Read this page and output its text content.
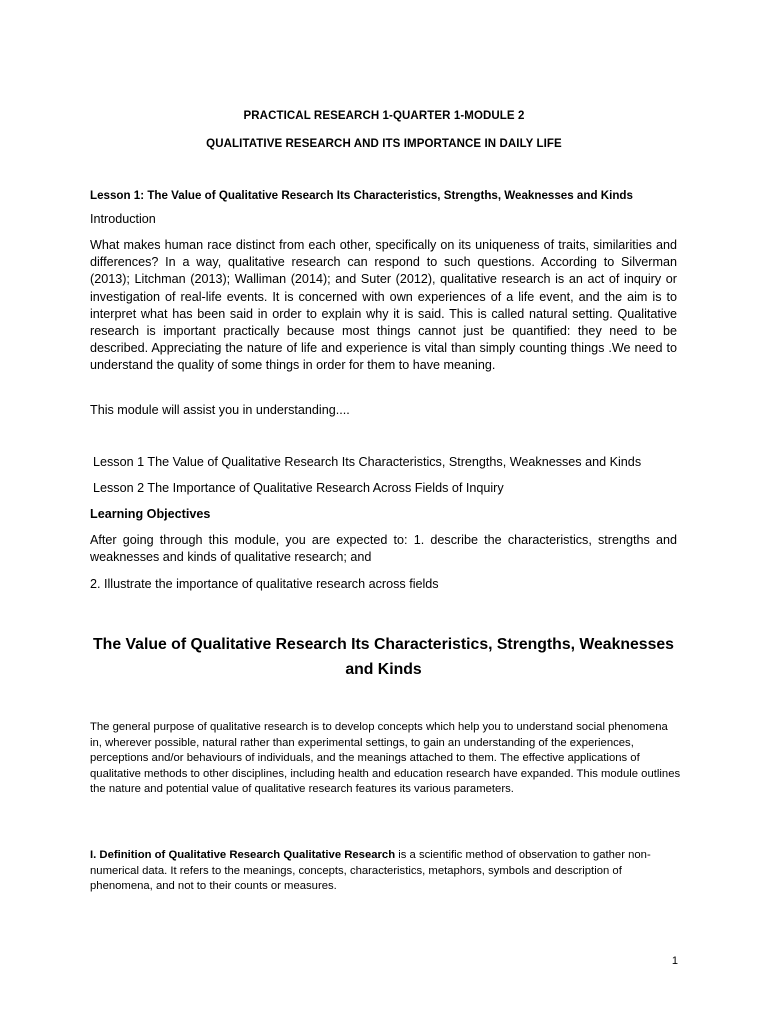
PRACTICAL RESEARCH 1-QUARTER 1-MODULE 2
QUALITATIVE RESEARCH AND ITS IMPORTANCE IN DAILY LIFE
Lesson 1: The Value of Qualitative Research Its Characteristics, Strengths, Weaknesses and Kinds
Introduction
What makes human race distinct from each other, specifically on its uniqueness of traits, similarities and differences? In a way, qualitative research can respond to such questions. According to Silverman (2013); Litchman (2013); Walliman (2014); and Suter (2012), qualitative research is an act of inquiry or investigation of real-life events. It is concerned with own experiences of a life event, and the aim is to interpret what has been said in order to explain why it is said. This is called natural setting. Qualitative research is important practically because most things cannot just be quantified: they need to be described. Appreciating the nature of life and experience is vital than simply counting things .We need to understand the quality of some things in order for them to have meaning.
This module will assist you in understanding....
Lesson 1 The Value of Qualitative Research Its Characteristics, Strengths, Weaknesses and Kinds
Lesson 2 The Importance of Qualitative Research Across Fields of Inquiry
Learning Objectives
After going through this module, you are expected to: 1. describe the characteristics, strengths and weaknesses and kinds of qualitative research; and
2. Illustrate the importance of qualitative research across fields
The Value of Qualitative Research Its Characteristics, Strengths, Weaknesses and Kinds
The general purpose of qualitative research is to develop concepts which help you to understand social phenomena in, wherever possible, natural rather than experimental settings, to gain an understanding of the experiences, perceptions and/or behaviours of individuals, and the meanings attached to them. The effective applications of qualitative methods to other disciplines, including health and education research have expanded. This module outlines the nature and potential value of qualitative research features its various parameters.
I. Definition of Qualitative Research Qualitative Research is a scientific method of observation to gather non-numerical data. It refers to the meanings, concepts, characteristics, metaphors, symbols and description of phenomena, and not to their counts or measures.
1
